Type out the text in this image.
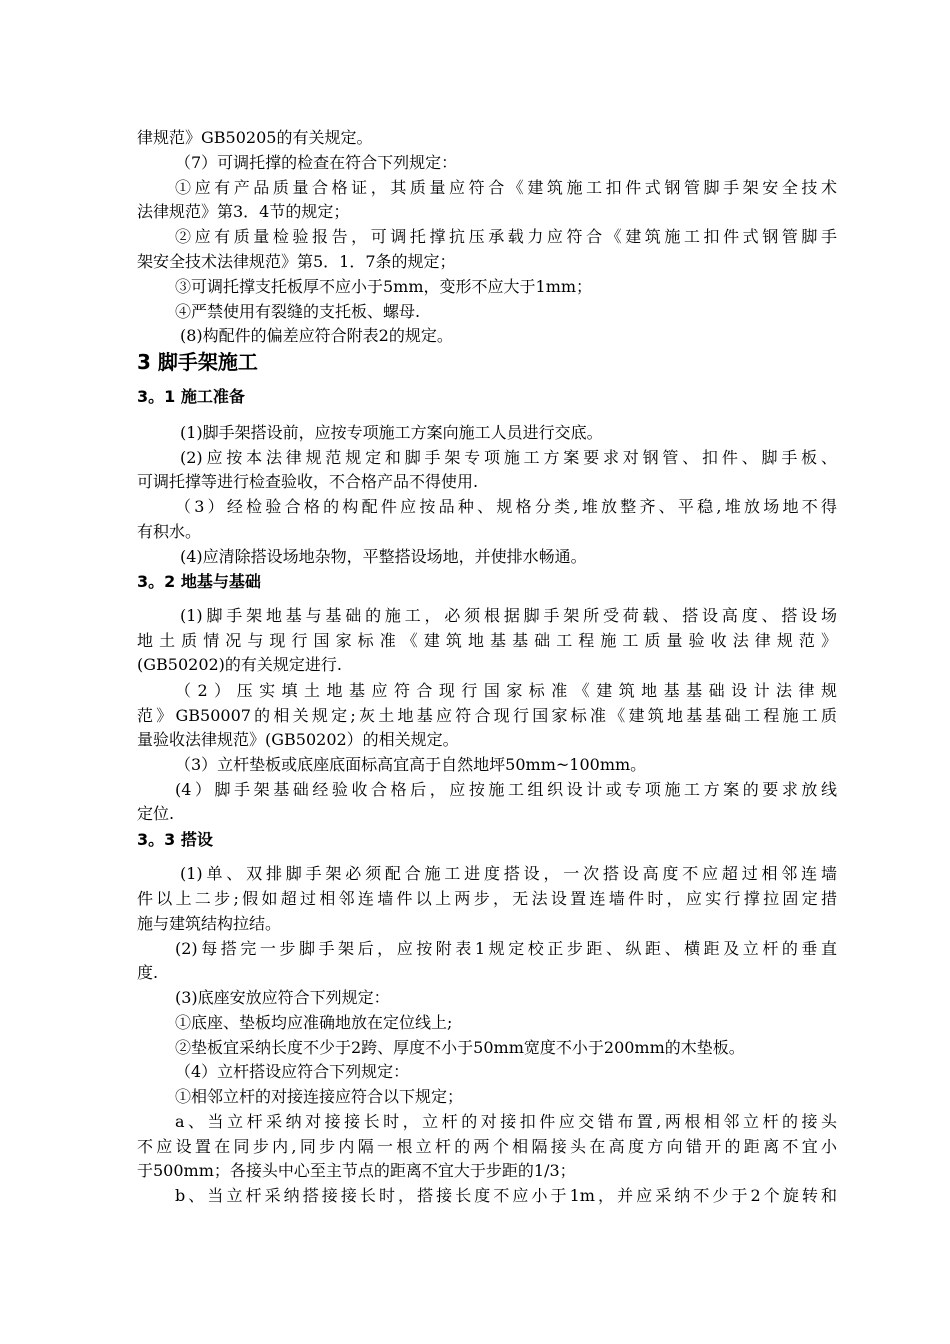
律规范》GB50205的有关规定。
（7）可调托撑的检查在符合下列规定：
①应有产品质量合格证，其质量应符合《建筑施工扣件式钢管脚手架安全技术
法律规范》第3．4节的规定；
②应有质量检验报告，可调托撑抗压承载力应符合《建筑施工扣件式钢管脚手
架安全技术法律规范》第5．1．7条的规定；
③可调托撑支托板厚不应小于5mm，变形不应大于1mm；
④严禁使用有裂缝的支托板、螺母.
(8)构配件的偏差应符合附表2的规定。
3 脚手架施工
3。1 施工准备
(1)脚手架搭设前，应按专项施工方案向施工人员进行交底。
(2)应按本法律规范规定和脚手架专项施工方案要求对钢管、扣件、脚手板、
可调托撑等进行检查验收，不合格产品不得使用.
（3）经检验合格的构配件应按品种、规格分类,堆放整齐、平稳,堆放场地不得
有积水。
(4)应清除搭设场地杂物，平整搭设场地，并使排水畅通。
3。2 地基与基础
(1)脚手架地基与基础的施工，必须根据脚手架所受荷载、搭设高度、搭设场
地土质情况与现行国家标准《建筑地基基础工程施工质量验收法律规范》
(GB50202)的有关规定进行.
（2）压实填土地基应符合现行国家标准《建筑地基基础设计法律规
范》GB50007的相关规定;灰土地基应符合现行国家标准《建筑地基基础工程施工质
量验收法律规范》(GB50202）的相关规定。
（3）立杆垫板或底座底面标高宜高于自然地坪50mm~100mm。
(4）脚手架基础经验收合格后，应按施工组织设计或专项施工方案的要求放线
定位.
3。3 搭设
(1)单、双排脚手架必须配合施工进度搭设，一次搭设高度不应超过相邻连墙
件以上二步;假如超过相邻连墙件以上两步，无法设置连墙件时，应实行撑拉固定措
施与建筑结构拉结。
(2)每搭完一步脚手架后，应按附表1规定校正步距、纵距、横距及立杆的垂直
度.
(3)底座安放应符合下列规定：
①底座、垫板均应准确地放在定位线上;
②垫板宜采纳长度不少于2跨、厚度不小于50mm宽度不小于200mm的木垫板。
（4）立杆搭设应符合下列规定：
①相邻立杆的对接连接应符合以下规定；
a、当立杆采纳对接接长时，立杆的对接扣件应交错布置,两根相邻立杆的接头
不应设置在同步内,同步内隔一根立杆的两个相隔接头在高度方向错开的距离不宜小
于500mm；各接头中心至主节点的距离不宜大于步距的1/3；
b、当立杆采纳搭接接长时，搭接长度不应小于1m，并应采纳不少于2个旋转和
